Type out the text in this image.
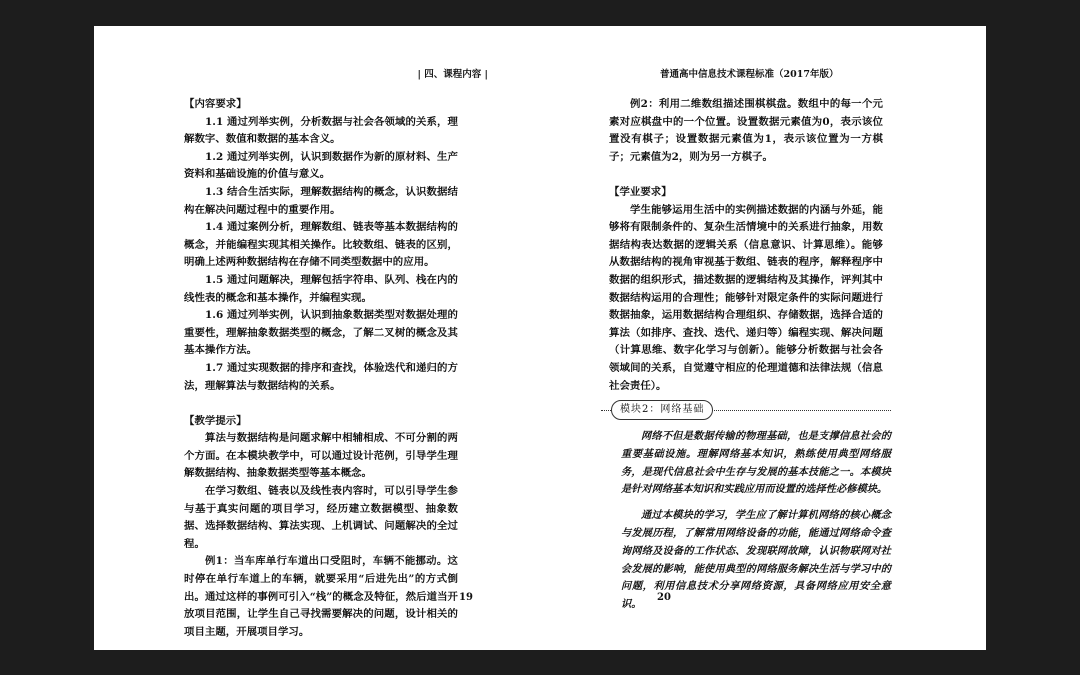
| 四、课程内容 |

【内容要求】

1.1 通过列举实例，分析数据与社会各领域的关系，理解数字、数值和数据的基本含义。

1.2 通过列举实例，认识到数据作为新的原材料、生产资料和基础设施的价值与意义。

1.3 结合生活实际，理解数据结构的概念，认识数据结构在解决问题过程中的重要作用。

1.4 通过案例分析，理解数组、链表等基本数据结构的概念，并能编程实现其相关操作。比较数组、链表的区别，明确上述两种数据结构在存储不同类型数据中的应用。

1.5 通过问题解决，理解包括字符串、队列、栈在内的线性表的概念和基本操作，并编程实现。

1.6 通过列举实例，认识到抽象数据类型对数据处理的重要性，理解抽象数据类型的概念，了解二叉树的概念及其基本操作方法。

1.7 通过实现数据的排序和查找，体验迭代和递归的方法，理解算法与数据结构的关系。

【教学提示】

算法与数据结构是问题求解中相辅相成、不可分割的两个方面。在本模块教学中，可以通过设计范例，引导学生理解数据结构、抽象数据类型等基本概念。

在学习数组、链表以及线性表内容时，可以引导学生参与基于真实问题的项目学习，经历建立数据模型、抽象数据、选择数据结构、算法实现、上机调试、问题解决的全过程。

例1：当车库单行车道出口受阻时，车辆不能挪动。这时停在单行车道上的车辆，就要采用“后进先出”的方式倒出。通过这样的事例可引入“栈”的概念及特征，然后道当开放项目范围，让学生自己寻找需要解决的问题，设计相关的项目主题，开展项目学习。

19
普通高中信息技术课程标准（2017年版）

例2：利用二维数组描述围棋棋盘。数组中的每一个元素对应棋盘中的一个位置。设置数据元素值为0，表示该位置没有棋子；设置数据元素值为1，表示该位置为一方棋子；元素值为2，则为另一方棋子。

【学业要求】

学生能够运用生活中的实例描述数据的内涵与外延，能够将有限制条件的、复杂生活情境中的关系进行抽象，用数据结构表达数据的逻辑关系（信息意识、计算思维）。能够从数据结构的视角审视基于数组、链表的程序，解释程序中数据的组织形式，描述数据的逻辑结构及其操作，评判其中数据结构运用的合理性；能够针对限定条件的实际问题进行数据抽象，运用数据结构合理组织、存储数据，选择合适的算法（如排序、查找、迭代、递归等）编程实现、解决问题（计算思维、数字化学习与创新）。能够分析数据与社会各领域间的关系，自觉遵守相应的伦理道德和法律法规（信息社会责任）。

模块2：网络基础

网络不但是数据传输的物理基础，也是支撑信息社会的重要基础设施。理解网络基本知识，熟练使用典型网络服务，是现代信息社会中生存与发展的基本技能之一。本模块是针对网络基本知识和实践应用而设置的选择性必修模块。

通过本模块的学习，学生应了解计算机网络的核心概念与发展历程，了解常用网络设备的功能，能通过网络命令查询网络及设备的工作状态、发现联网故障，认识物联网对社会发展的影响，能使用典型的网络服务解决生活与学习中的问题，利用信息技术分享网络资源，具备网络应用安全意识。

20
